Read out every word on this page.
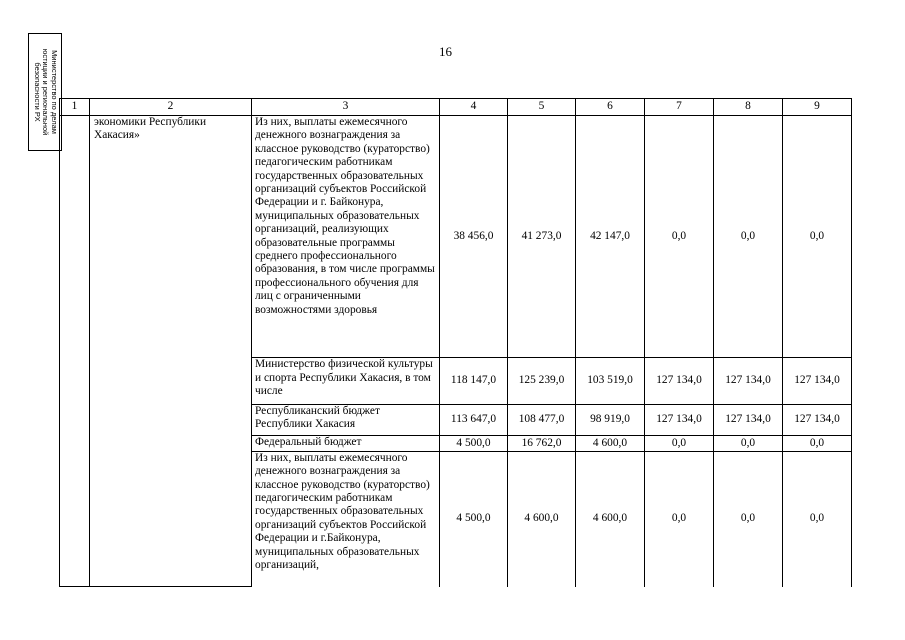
Министерство по делам
юстиции и региональной
безопасности РХ
16
1	2	3	4	5	6	7	8	9
	экономики Республики Хакасия»	Из них, выплаты ежемесячного денежного вознаграждения за классное руководство (кураторство) педагогическим работникам государственных образовательных организаций субъектов Российской Федерации и г. Байконура, муниципальных образовательных организаций, реализующих образовательные программы среднего профессионального образования, в том числе программы профессионального обучения для лиц с ограниченными возможностями здоровья	38 456,0	41 273,0	42 147,0	0,0	0,0	0,0
		Министерство физической культуры и спорта Республики Хакасия, в том числе	118 147,0	125 239,0	103 519,0	127 134,0	127 134,0	127 134,0
		Республиканский бюджет Республики Хакасия	113 647,0	108 477,0	98 919,0	127 134,0	127 134,0	127 134,0
		Федеральный бюджет	4 500,0	16 762,0	4 600,0	0,0	0,0	0,0
		Из них, выплаты ежемесячного денежного вознаграждения за классное руководство (кураторство) педагогическим работникам государственных образовательных организаций субъектов Российской Федерации и г.Байконура, муниципальных образовательных организаций,	4 500,0	4 600,0	4 600,0	0,0	0,0	0,0
